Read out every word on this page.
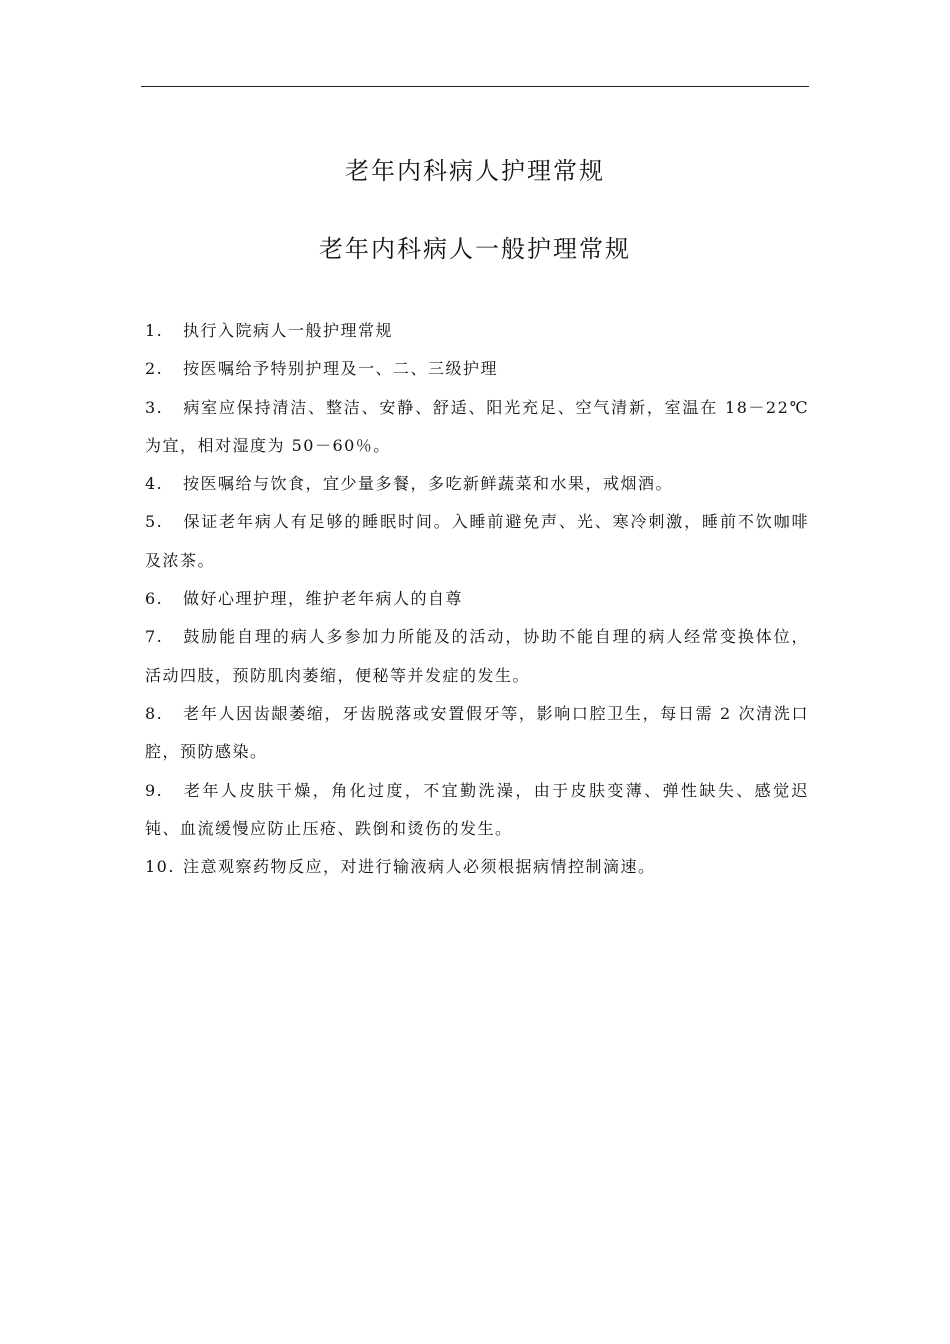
老年内科病人护理常规
老年内科病人一般护理常规
1. 执行入院病人一般护理常规
2. 按医嘱给予特别护理及一、二、三级护理
3. 病室应保持清洁、整洁、安静、舒适、阳光充足、空气清新，室温在 18－22℃为宜，相对湿度为 50－60％。
4. 按医嘱给与饮食，宜少量多餐，多吃新鲜蔬菜和水果，戒烟酒。
5. 保证老年病人有足够的睡眠时间。入睡前避免声、光、寒冷刺激，睡前不饮咖啡及浓茶。
6. 做好心理护理，维护老年病人的自尊
7. 鼓励能自理的病人多参加力所能及的活动，协助不能自理的病人经常变换体位，活动四肢，预防肌肉萎缩，便秘等并发症的发生。
8. 老年人因齿龈萎缩，牙齿脱落或安置假牙等，影响口腔卫生，每日需 2 次清洗口腔，预防感染。
9. 老年人皮肤干燥，角化过度，不宜勤洗澡，由于皮肤变薄、弹性缺失、感觉迟钝、血流缓慢应防止压疮、跌倒和烫伤的发生。
10. 注意观察药物反应，对进行输液病人必须根据病情控制滴速。
